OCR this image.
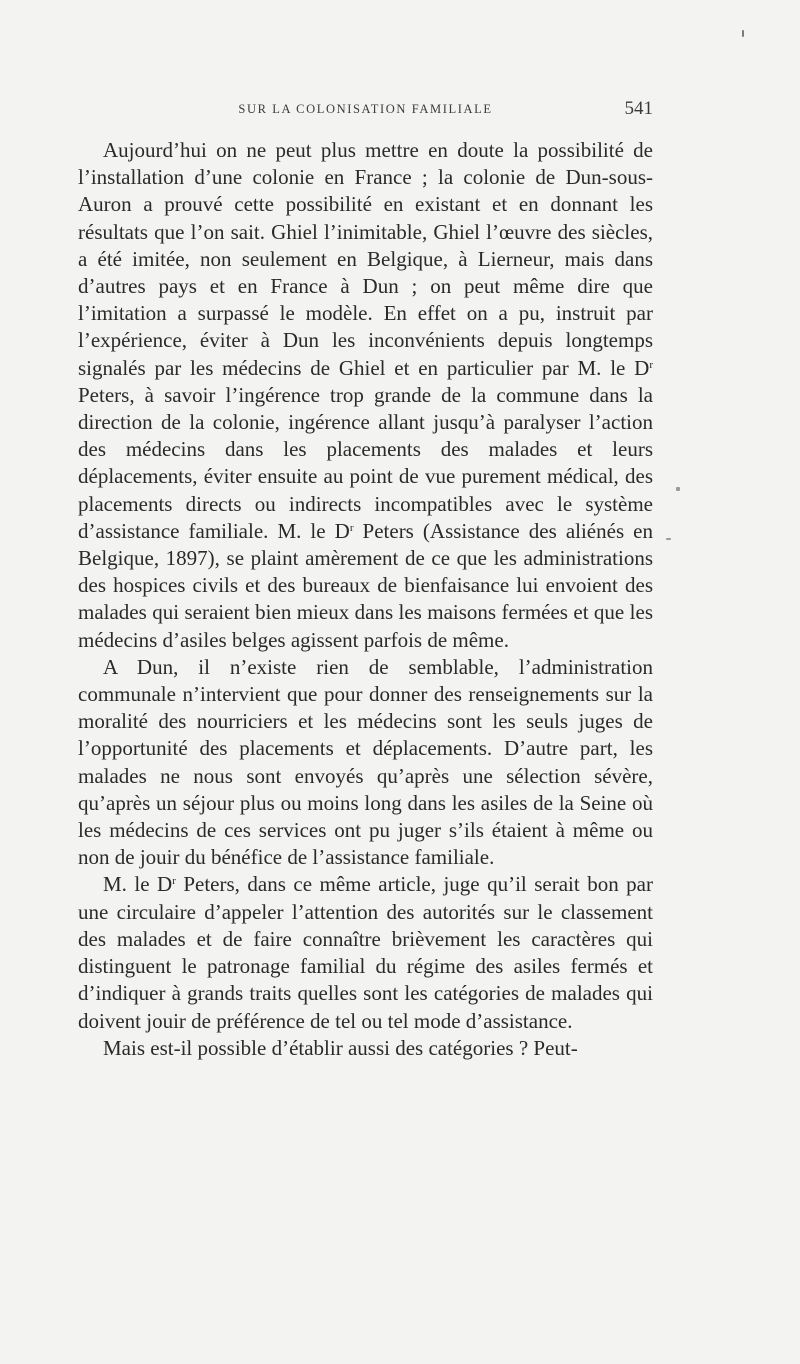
SUR LA COLONISATION FAMILIALE	541

Aujourd’hui on ne peut plus mettre en doute la possibilité de l’installation d’une colonie en France ; la colonie de Dun-sous-Auron a prouvé cette possibilité en existant et en donnant les résultats que l’on sait. Ghiel l’inimitable, Ghiel l’œuvre des siècles, a été imitée, non seulement en Belgique, à Lierneur, mais dans d’autres pays et en France à Dun ; on peut même dire que l’imitation a surpassé le modèle. En effet on a pu, instruit par l’expérience, éviter à Dun les inconvénients depuis longtemps signalés par les médecins de Ghiel et en particulier par M. le $D^r$ Peters, à savoir l’ingérence trop grande de la commune dans la direction de la colonie, ingérence allant jusqu’à paralyser l’action des médecins dans les placements des malades et leurs déplacements, éviter ensuite au point de vue purement médical, des placements directs ou indirects incompatibles avec le système d’assistance familiale. M. le $D^r$ Peters (Assistance des aliénés en Belgique, 1897), se plaint amèrement de ce que les administrations des hospices civils et des bureaux de bienfaisance lui envoient des malades qui seraient bien mieux dans les maisons fermées et que les médecins d’asiles belges agissent parfois de même.

A Dun, il n’existe rien de semblable, l’administration communale n’intervient que pour donner des renseignements sur la moralité des nourriciers et les médecins sont les seuls juges de l’opportunité des placements et déplacements. D’autre part, les malades ne nous sont envoyés qu’après une sélection sévère, qu’après un séjour plus ou moins long dans les asiles de la Seine où les médecins de ces services ont pu juger s’ils étaient à même ou non de jouir du bénéfice de l’assistance familiale.

M. le $D^r$ Peters, dans ce même article, juge qu’il serait bon par une circulaire d’appeler l’attention des autorités sur le classement des malades et de faire connaître brièvement les caractères qui distinguent le patronage familial du régime des asiles fermés et d’indiquer à grands traits quelles sont les catégories de malades qui doivent jouir de préférence de tel ou tel mode d’assistance.

Mais est-il possible d’établir aussi des catégories ? Peut-
